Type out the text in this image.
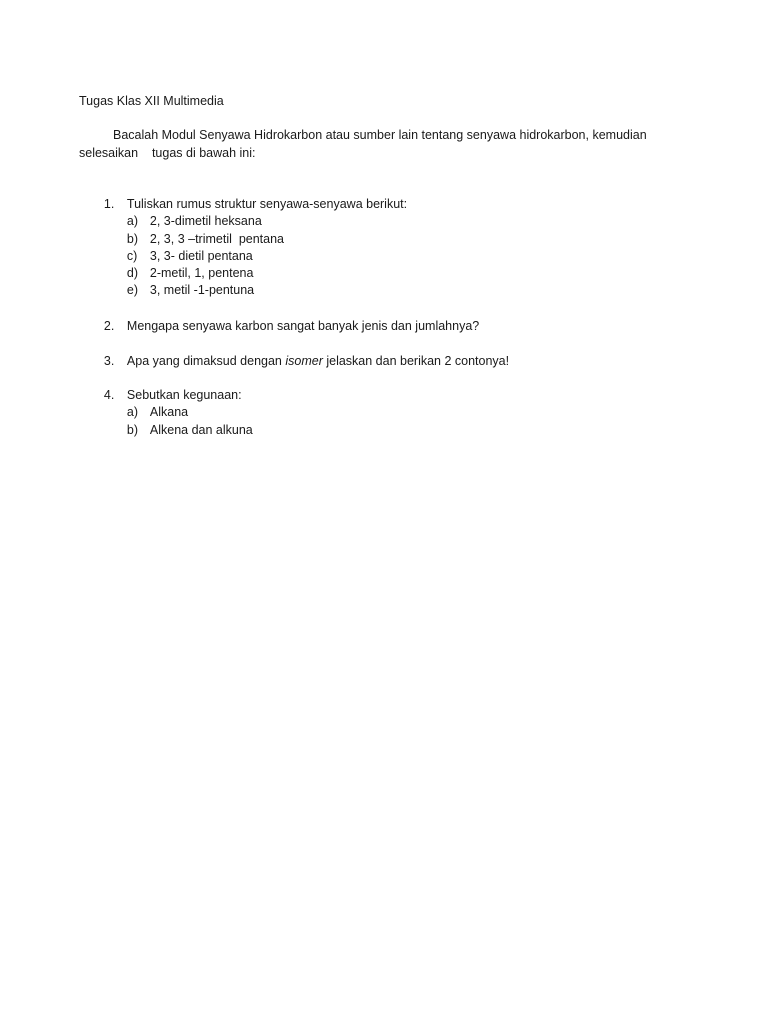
Tugas Klas XII Multimedia
Bacalah Modul Senyawa Hidrokarbon atau sumber lain tentang senyawa hidrokarbon, kemudian
selesaikan    tugas di bawah ini:

1. Tuliskan rumus struktur senyawa-senyawa berikut:

a) 2, 3-dimetil heksana

b) 2, 3, 3 –trimetil  pentana

c) 3, 3- dietil pentana

d) 2-metil, 1, pentena

e) 3, metil -1-pentuna

2. Mengapa senyawa karbon sangat banyak jenis dan jumlahnya?

3. Apa yang dimaksud dengan isomer jelaskan dan berikan 2 contonya!

4. Sebutkan kegunaan:

a) Alkana

b) Alkena dan alkuna
